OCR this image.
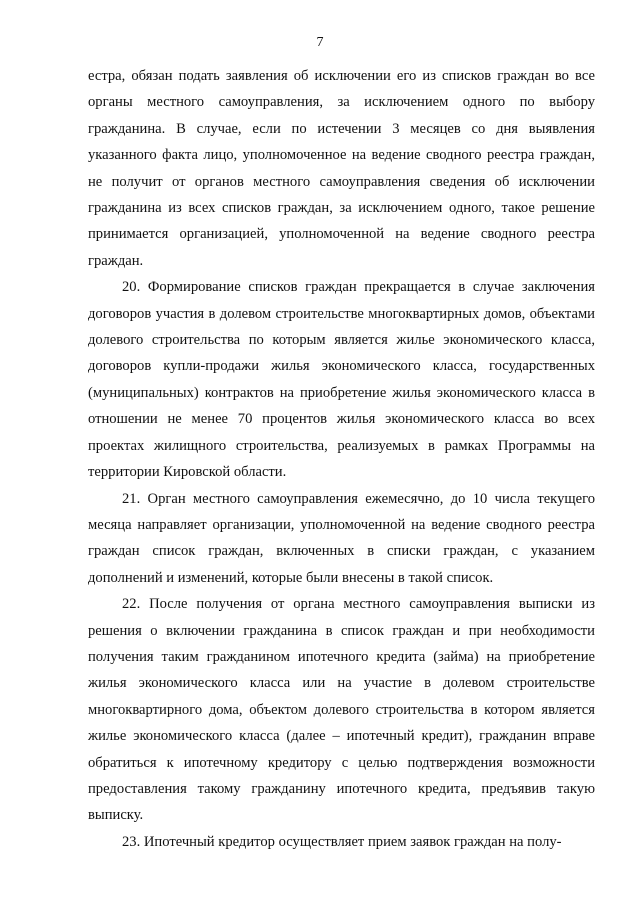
7

естра, обязан подать заявления об исключении его из списков граждан во все органы местного самоуправления, за исключением одного по выбору гражданина. В случае, если по истечении 3 месяцев со дня выявления указанного факта лицо, уполномоченное на ведение сводного реестра граждан, не получит от органов местного самоуправления сведения об исключении гражданина из всех списков граждан, за исключением одного, такое решение принимается организацией, уполномоченной на ведение сводного реестра граждан.

20. Формирование списков граждан прекращается в случае заключения договоров участия в долевом строительстве многоквартирных домов, объектами долевого строительства по которым является жилье экономического класса, договоров купли-продажи жилья экономического класса, государственных (муниципальных) контрактов на приобретение жилья экономического класса в отношении не менее 70 процентов жилья экономического класса во всех проектах жилищного строительства, реализуемых в рамках Программы на территории Кировской области.

21. Орган местного самоуправления ежемесячно, до 10 числа текущего месяца направляет организации, уполномоченной на ведение сводного реестра граждан список граждан, включенных в списки граждан, с указанием дополнений и изменений, которые были внесены в такой список.

22. После получения от органа местного самоуправления выписки из решения о включении гражданина в список граждан и при необходимости получения таким гражданином ипотечного кредита (займа) на приобретение жилья экономического класса или на участие в долевом строительстве многоквартирного дома, объектом долевого строительства в котором является жилье экономического класса (далее – ипотечный кредит), гражданин вправе обратиться к ипотечному кредитору с целью подтверждения возможности предоставления такому гражданину ипотечного кредита, предъявив такую выписку.

23. Ипотечный кредитор осуществляет прием заявок граждан на полу-
